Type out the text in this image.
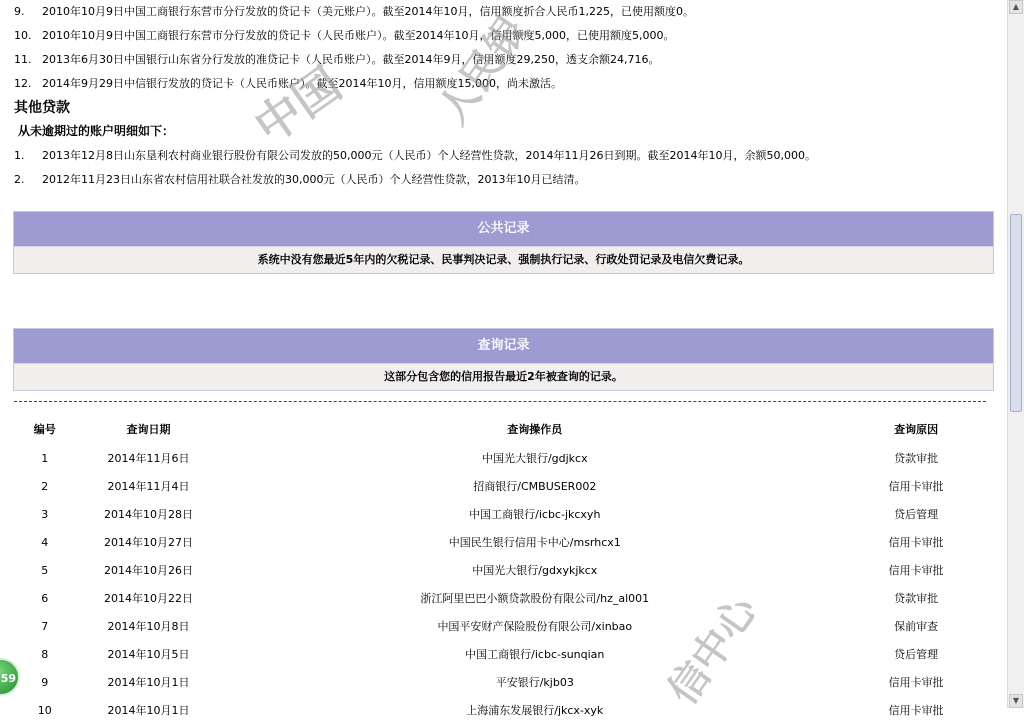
9. 2010年10月9日中国工商银行东营市分行发放的贷记卡（美元账户）。截至2014年10月，信用额度折合人民币1,225，已使用额度0。
10. 2010年10月9日中国工商银行东营市分行发放的贷记卡（人民币账户）。截至2014年10月，信用额度5,000，已使用额度5,000。
11. 2013年6月30日中国银行山东省分行发放的准贷记卡（人民币账户）。截至2014年9月，信用额度29,250，透支余额24,716。
12. 2014年9月29日中信银行发放的贷记卡（人民币账户）。截至2014年10月，信用额度15,000，尚未激活。
其他贷款
从未逾期过的账户明细如下：
1. 2013年12月8日山东垦利农村商业银行股份有限公司发放的50,000元（人民币）个人经营性贷款，2014年11月26日到期。截至2014年10月，余额50,000。
2. 2012年11月23日山东省农村信用社联合社发放的30,000元（人民币）个人经营性贷款，2013年10月已结清。
公共记录
系统中没有您最近5年内的欠税记录、民事判决记录、强制执行记录、行政处罚记录及电信欠费记录。
查询记录
这部分包含您的信用报告最近2年被查询的记录。
编号	查询日期	查询操作员	查询原因
1	2014年11月6日	中国光大银行/gdjkcx	贷款审批
2	2014年11月4日	招商银行/CMBUSER002	信用卡审批
3	2014年10月28日	中国工商银行/icbc-jkcxyh	贷后管理
4	2014年10月27日	中国民生银行信用卡中心/msrhcx1	信用卡审批
5	2014年10月26日	中国光大银行/gdxykjkcx	信用卡审批
6	2014年10月22日	浙江阿里巴巴小额贷款股份有限公司/hz_al001	贷款审批
7	2014年10月8日	中国平安财产保险股份有限公司/xinbao	保前审查
8	2014年10月5日	中国工商银行/icbc-sunqian	贷后管理
9	2014年10月1日	平安银行/kjb03	信用卡审批
10	2014年10月1日	上海浦东发展银行/jkcx-xyk	信用卡审批
中国 人民银
信中心
59
▲
▼
